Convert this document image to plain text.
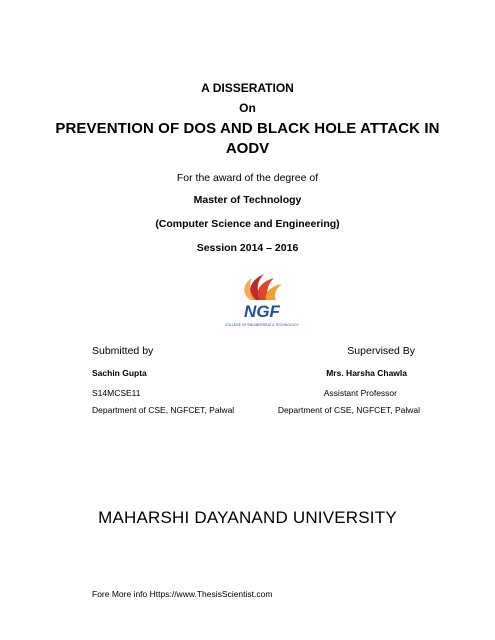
A DISSERATION
On
PREVENTION OF DOS AND BLACK HOLE ATTACK IN
AODV
For the award of the degree of
Master of Technology
(Computer Science and Engineering)
Session 2014 – 2016
NGF
COLLEGE OF ENGINEERING & TECHNOLOGY
Submitted by	Supervised By
Sachin Gupta	Mrs. Harsha Chawla
S14MCSE11	Assistant Professor
Department of CSE, NGFCET, Palwal	Department of CSE, NGFCET, Palwal
MAHARSHI DAYANAND UNIVERSITY
Fore More info Https://www.ThesisScientist.com
